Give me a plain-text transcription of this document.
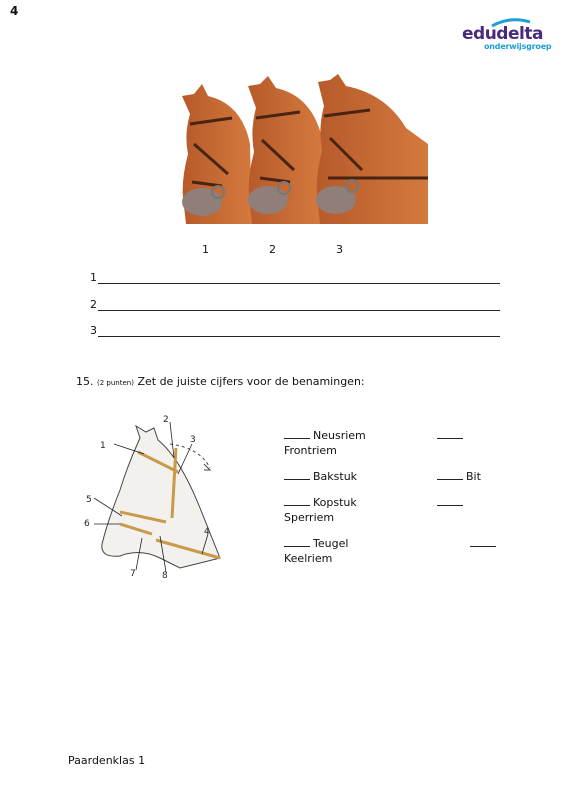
4
edudelta
onderwijsgroep
1	2	3
1
2
3
15. (2 punten) Zet de juiste cijfers voor de benamingen:
1
2
3
4
5
6
7	8
Neusriem
Frontriem
Bakstuk	Bit
Kopstuk
Sperriem
Teugel
Keelriem
Paardenklas 1
